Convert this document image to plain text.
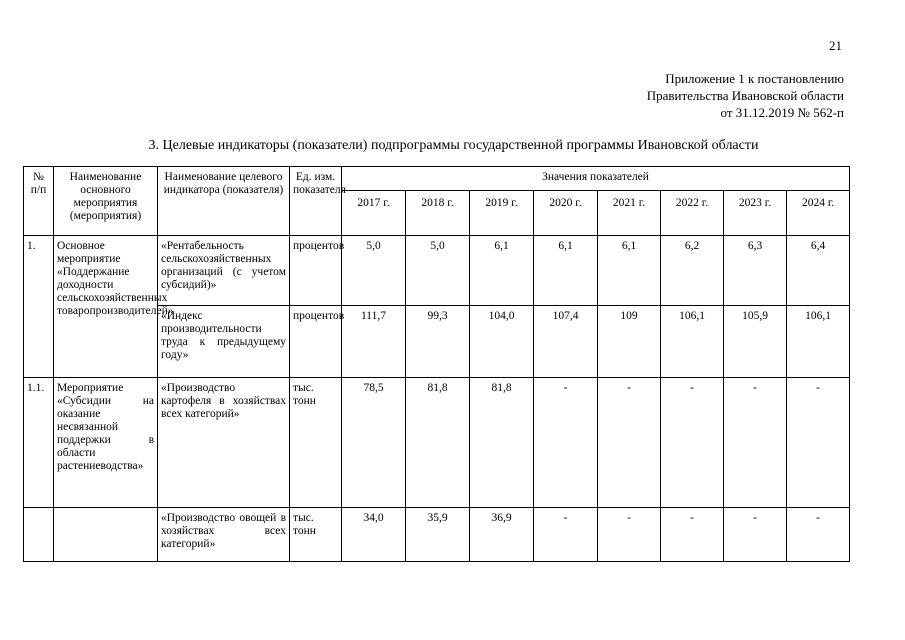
21
Приложение 1 к постановлению
Правительства Ивановской области
от 31.12.2019 № 562-п
3. Целевые индикаторы (показатели) подпрограммы государственной программы Ивановской области
№ п/п	Наименование основного мероприятия (мероприятия)	Наименование целевого индикатора (показателя)	Ед. изм. показателя	Значения показателей							
				2017 г.	2018 г.	2019 г.	2020 г.	2021 г.	2022 г.	2023 г.	2024 г.
1.	Основное мероприятие «Поддержание доходности сельскохозяйственных товаропроизводителей»	«Рентабельность сельскохозяйственных организаций (с учетом субсидий)»	процентов	5,0	5,0	6,1	6,1	6,1	6,2	6,3	6,4
		«Индекс производительности труда к предыдущему году»	процентов	111,7	99,3	104,0	107,4	109	106,1	105,9	106,1
1.1.	Мероприятие «Субсидии на оказание несвязанной поддержки в области растениеводства»	«Производство картофеля в хозяйствах всех категорий»	тыс. тонн	78,5	81,8	81,8	-	-	-	-	-
		«Производство овощей в хозяйствах всех категорий»	тыс. тонн	34,0	35,9	36,9	-	-	-	-	-
